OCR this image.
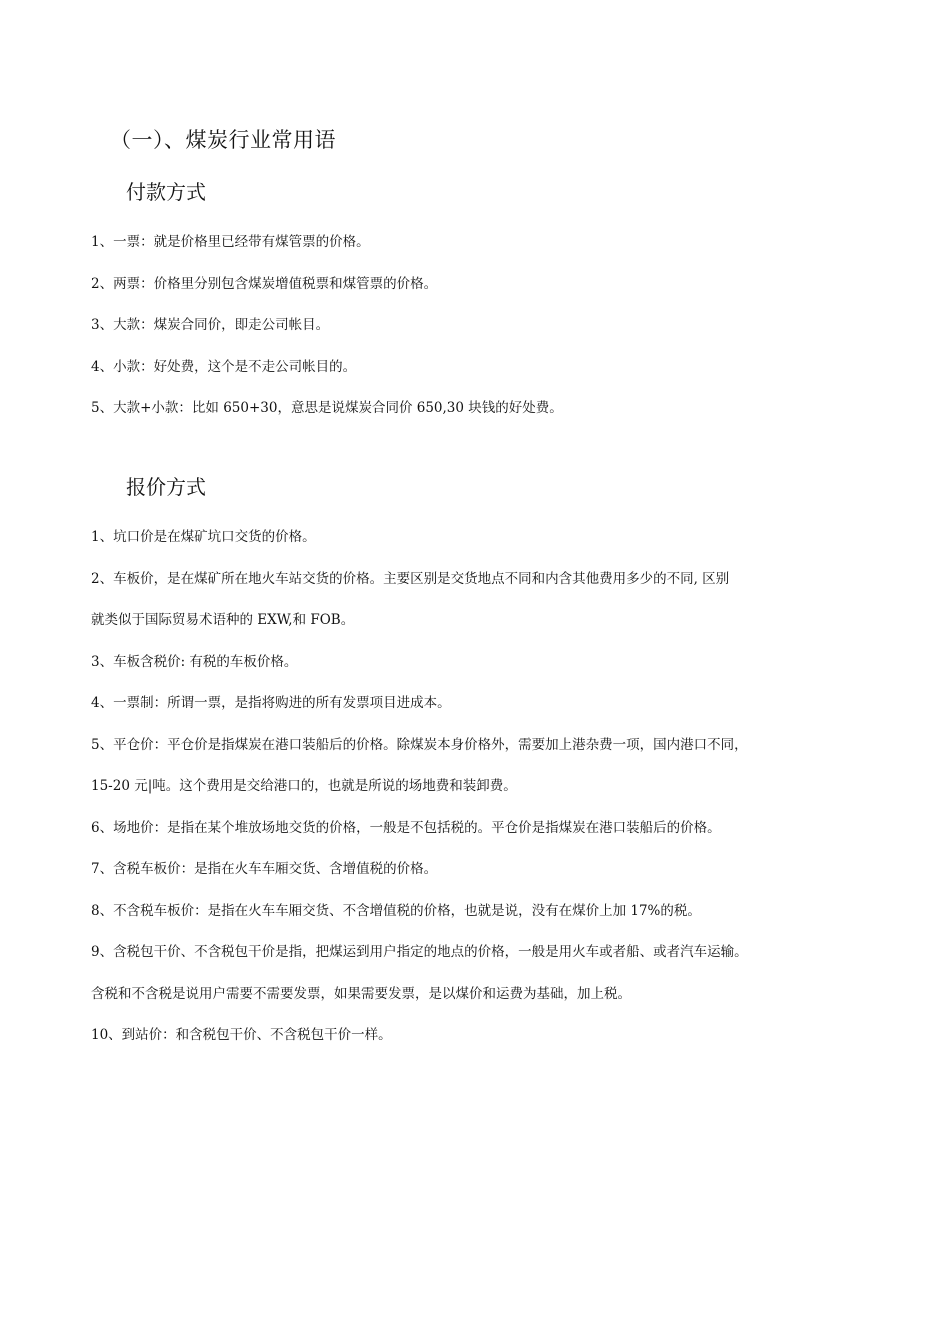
（一）、煤炭行业常用语
付款方式
1、一票：就是价格里已经带有煤管票的价格。
2、两票：价格里分别包含煤炭增值税票和煤管票的价格。
3、大款：煤炭合同价，即走公司帐目。
4、小款：好处费，这个是不走公司帐目的。
5、大款+小款：比如 650+30，意思是说煤炭合同价 650,30 块钱的好处费。
报价方式
1、坑口价是在煤矿坑口交货的价格。
2、车板价，是在煤矿所在地火车站交货的价格。主要区别是交货地点不同和内含其他费用多少的不同, 区别
就类似于国际贸易术语种的 EXW,和 FOB。
3、车板含税价: 有税的车板价格。
4、一票制：所谓一票，是指将购进的所有发票项目进成本。
5、平仓价：平仓价是指煤炭在港口装船后的价格。除煤炭本身价格外，需要加上港杂费一项，国内港口不同，
15-20 元|吨。这个费用是交给港口的，也就是所说的场地费和装卸费。
6、场地价：是指在某个堆放场地交货的价格，一般是不包括税的。平仓价是指煤炭在港口装船后的价格。
7、含税车板价：是指在火车车厢交货、含增值税的价格。
8、不含税车板价：是指在火车车厢交货、不含增值税的价格，也就是说，没有在煤价上加 17%的税。
9、含税包干价、不含税包干价是指，把煤运到用户指定的地点的价格，一般是用火车或者船、或者汽车运输。
含税和不含税是说用户需要不需要发票，如果需要发票，是以煤价和运费为基础，加上税。
10、到站价：和含税包干价、不含税包干价一样。
